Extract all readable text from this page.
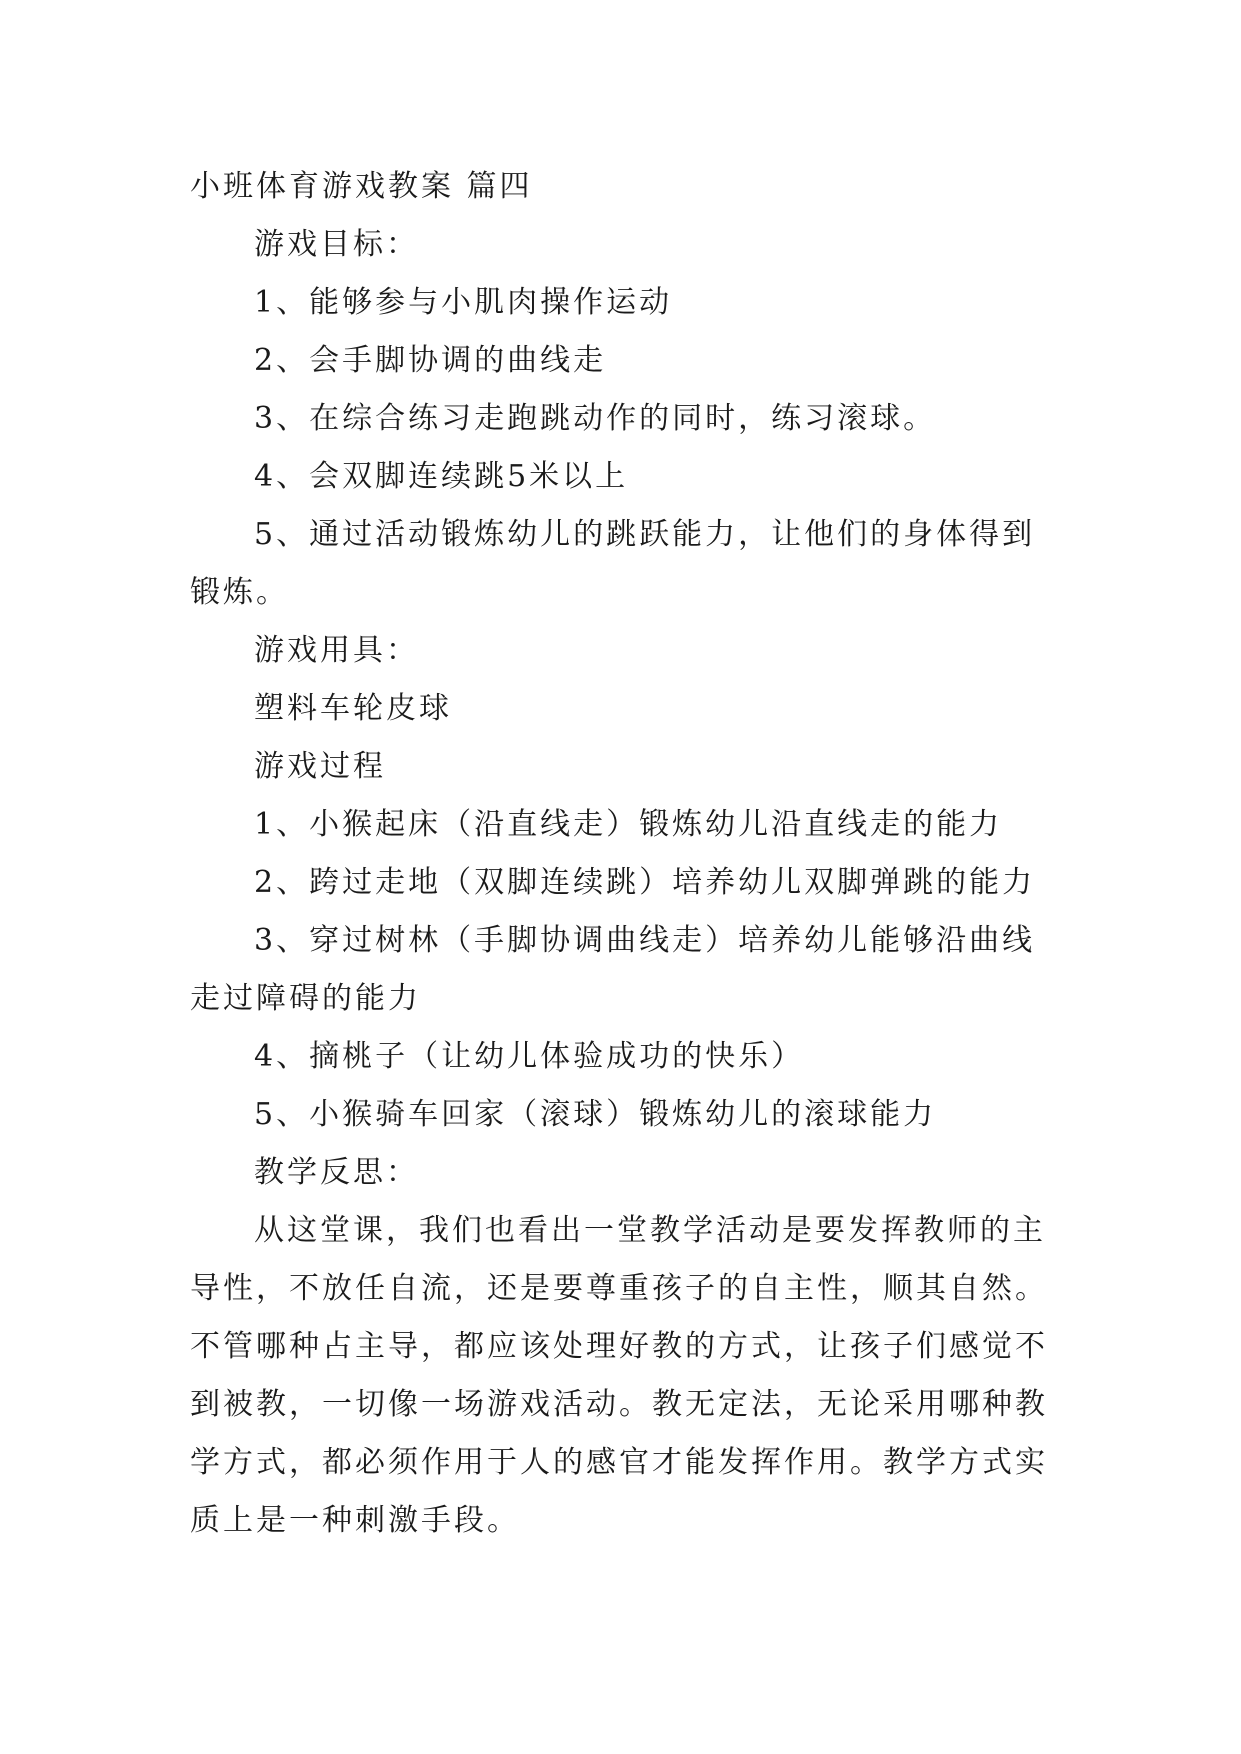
小班体育游戏教案 篇四
游戏目标：
1、能够参与小肌肉操作运动
2、会手脚协调的曲线走
3、在综合练习走跑跳动作的同时，练习滚球。
4、会双脚连续跳5米以上
5、通过活动锻炼幼儿的跳跃能力，让他们的身体得到
锻炼。
游戏用具：
塑料车轮皮球
游戏过程
1、小猴起床（沿直线走）锻炼幼儿沿直线走的能力
2、跨过走地（双脚连续跳）培养幼儿双脚弹跳的能力
3、穿过树林（手脚协调曲线走）培养幼儿能够沿曲线
走过障碍的能力
4、摘桃子（让幼儿体验成功的快乐）
5、小猴骑车回家（滚球）锻炼幼儿的滚球能力
教学反思：
从这堂课，我们也看出一堂教学活动是要发挥教师的主
导性，不放任自流，还是要尊重孩子的自主性，顺其自然。
不管哪种占主导，都应该处理好教的方式，让孩子们感觉不
到被教，一切像一场游戏活动。教无定法，无论采用哪种教
学方式，都必须作用于人的感官才能发挥作用。教学方式实
质上是一种刺激手段。
